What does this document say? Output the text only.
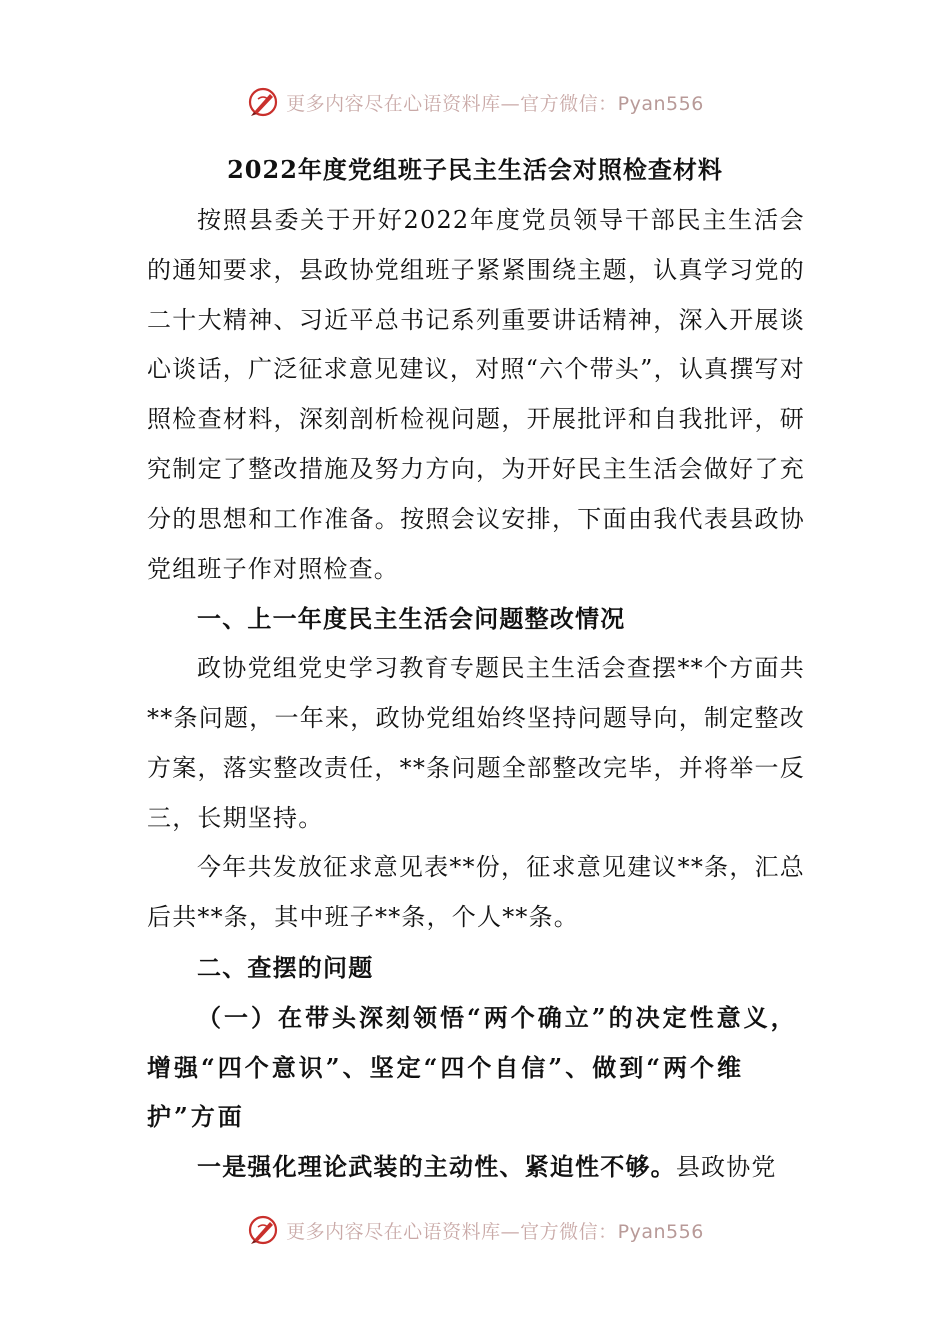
更多内容尽在心语资料库—官方微信：Pyan556
2022年度党组班子民主生活会对照检查材料

按照县委关于开好2022年度党员领导干部民主生活会的通知要求，县政协党组班子紧紧围绕主题，认真学习党的二十大精神、习近平总书记系列重要讲话精神，深入开展谈心谈话，广泛征求意见建议，对照“六个带头”，认真撰写对照检查材料，深刻剖析检视问题，开展批评和自我批评，研究制定了整改措施及努力方向，为开好民主生活会做好了充分的思想和工作准备。按照会议安排，下面由我代表县政协党组班子作对照检查。

一、上一年度民主生活会问题整改情况

政协党组党史学习教育专题民主生活会查摆**个方面共**条问题，一年来，政协党组始终坚持问题导向，制定整改方案，落实整改责任，**条问题全部整改完毕，并将举一反三，长期坚持。

今年共发放征求意见表**份，征求意见建议**条，汇总后共**条，其中班子**条，个人**条。

二、查摆的问题

（一）在带头深刻领悟“两个确立”的决定性意义，增强“四个意识”、坚定“四个自信”、做到“两个维护”方面

一是强化理论武装的主动性、紧迫性不够。县政协党

更多内容尽在心语资料库—官方微信：Pyan556
